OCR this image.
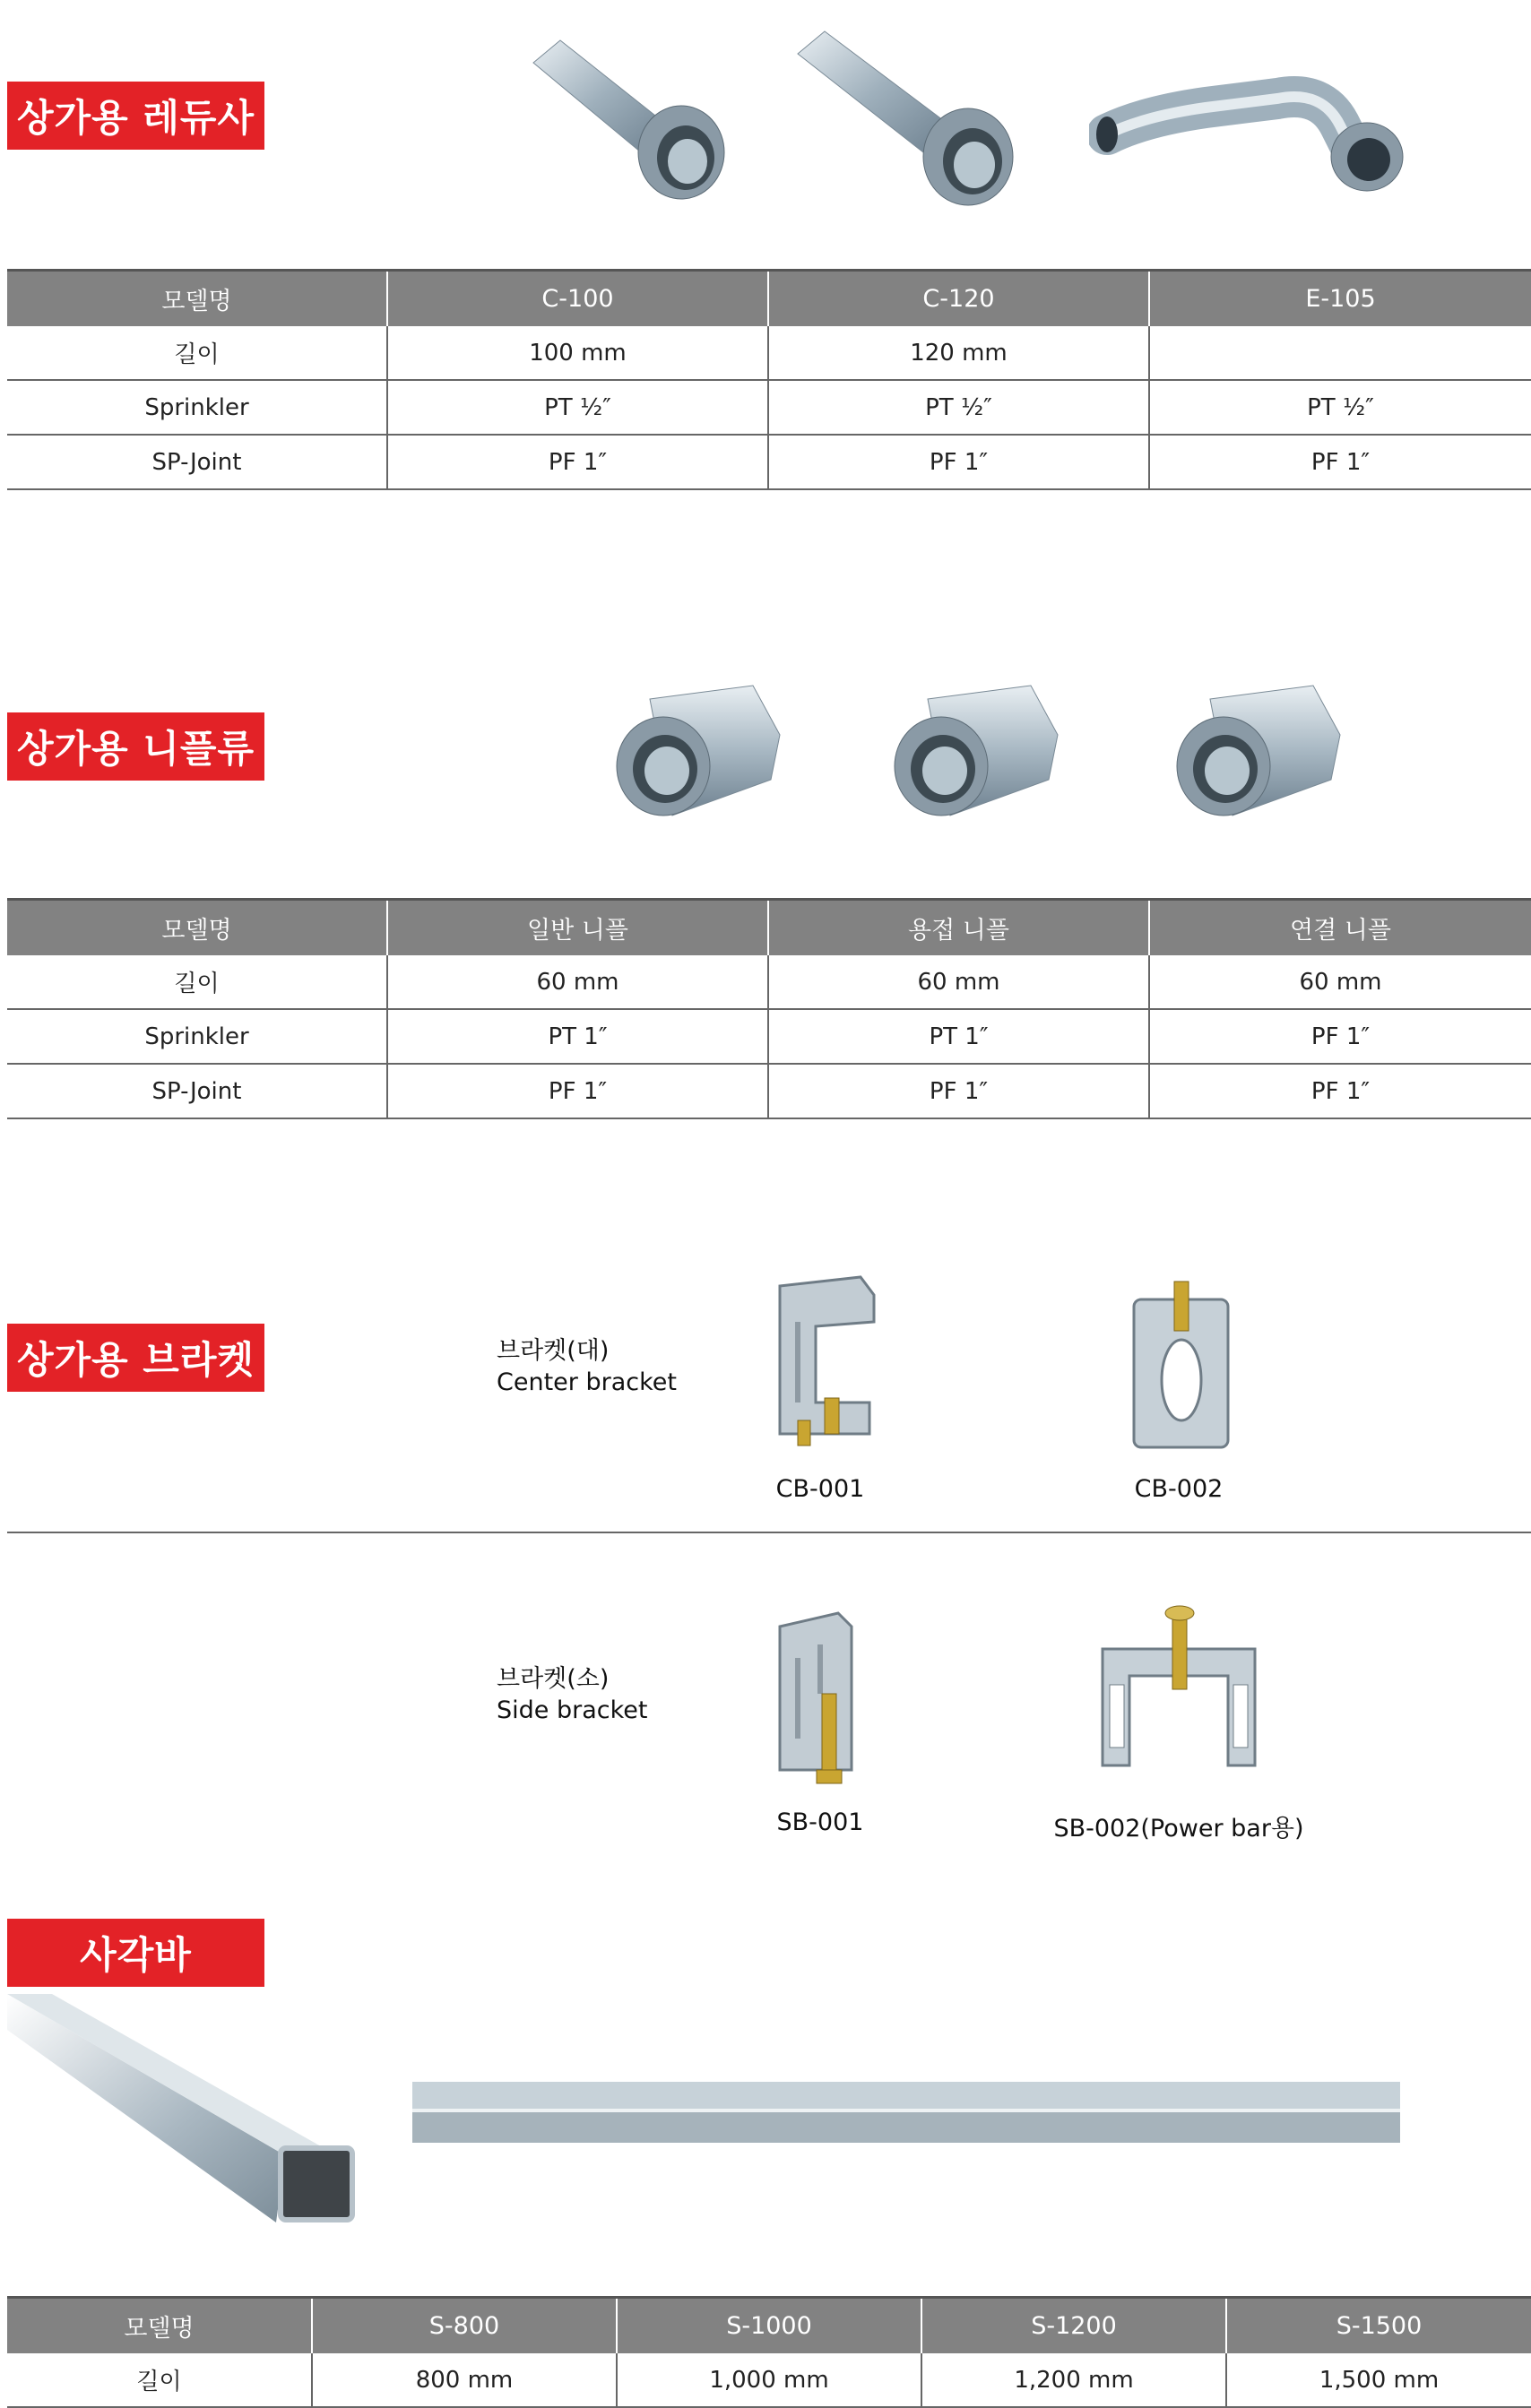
상가용 레듀사
모델명	C-100	C-120	E-105
길이	100 mm	120 mm	
Sprinkler	PT ½″	PT ½″	PT ½″
SP-Joint	PF 1″	PF 1″	PF 1″
상가용 니플류
모델명	일반 니플	용접 니플	연결 니플
길이	60 mm	60 mm	60 mm
Sprinkler	PT 1″	PT 1″	PF 1″
SP-Joint	PF 1″	PF 1″	PF 1″
상가용 브라켓	브라켓(대)
Center bracket
CB-001	CB-002
브라켓(소)
Side bracket
SB-001	SB-002(Power bar용)
사각바
모델명	S-800	S-1000	S-1200	S-1500
길이	800 mm	1,000 mm	1,200 mm	1,500 mm
